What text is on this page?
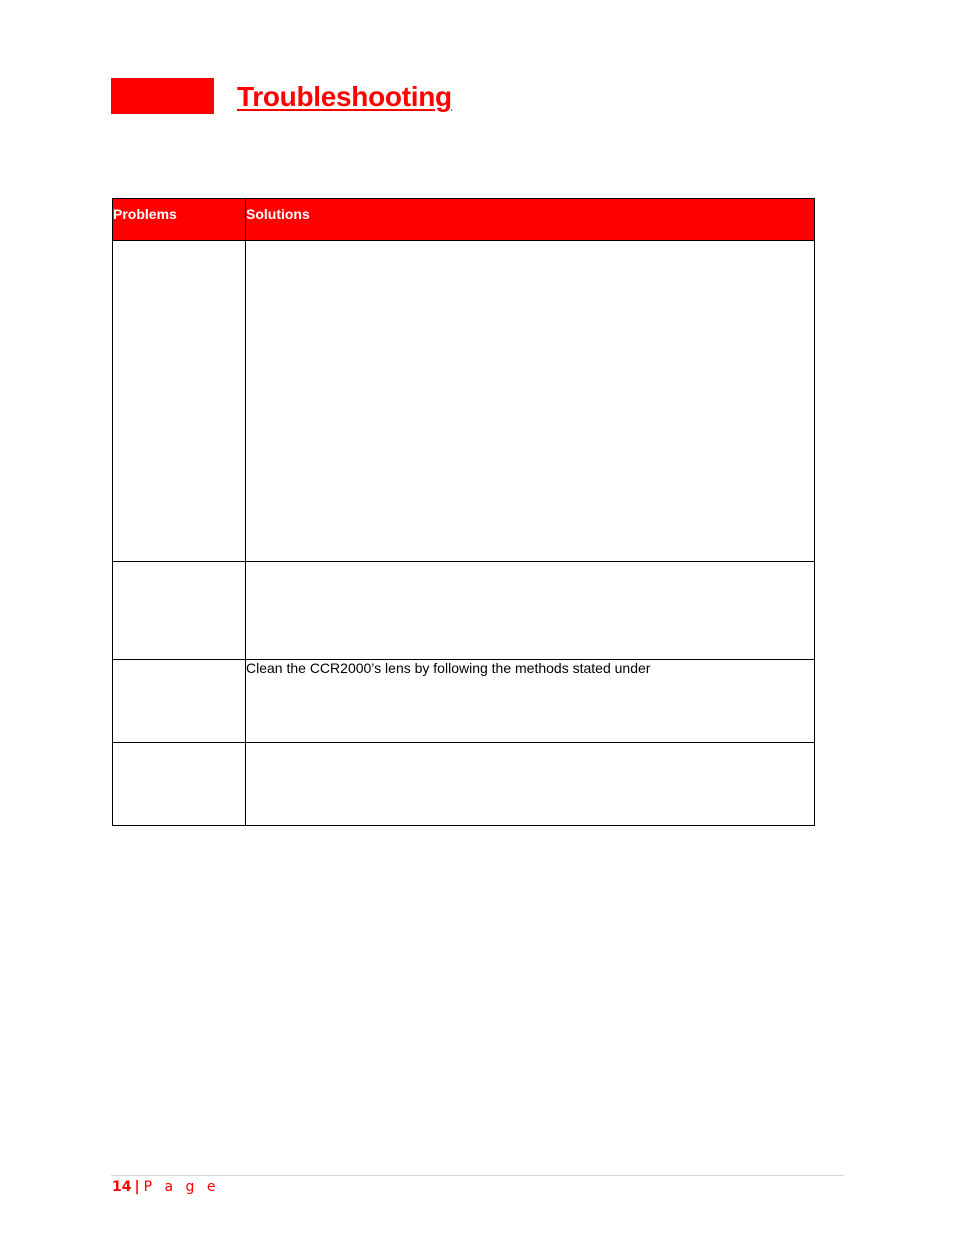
Troubleshooting
Problems	Solutions

	Clean the CCR2000’s lens by following the methods stated under

14 | P a g e
